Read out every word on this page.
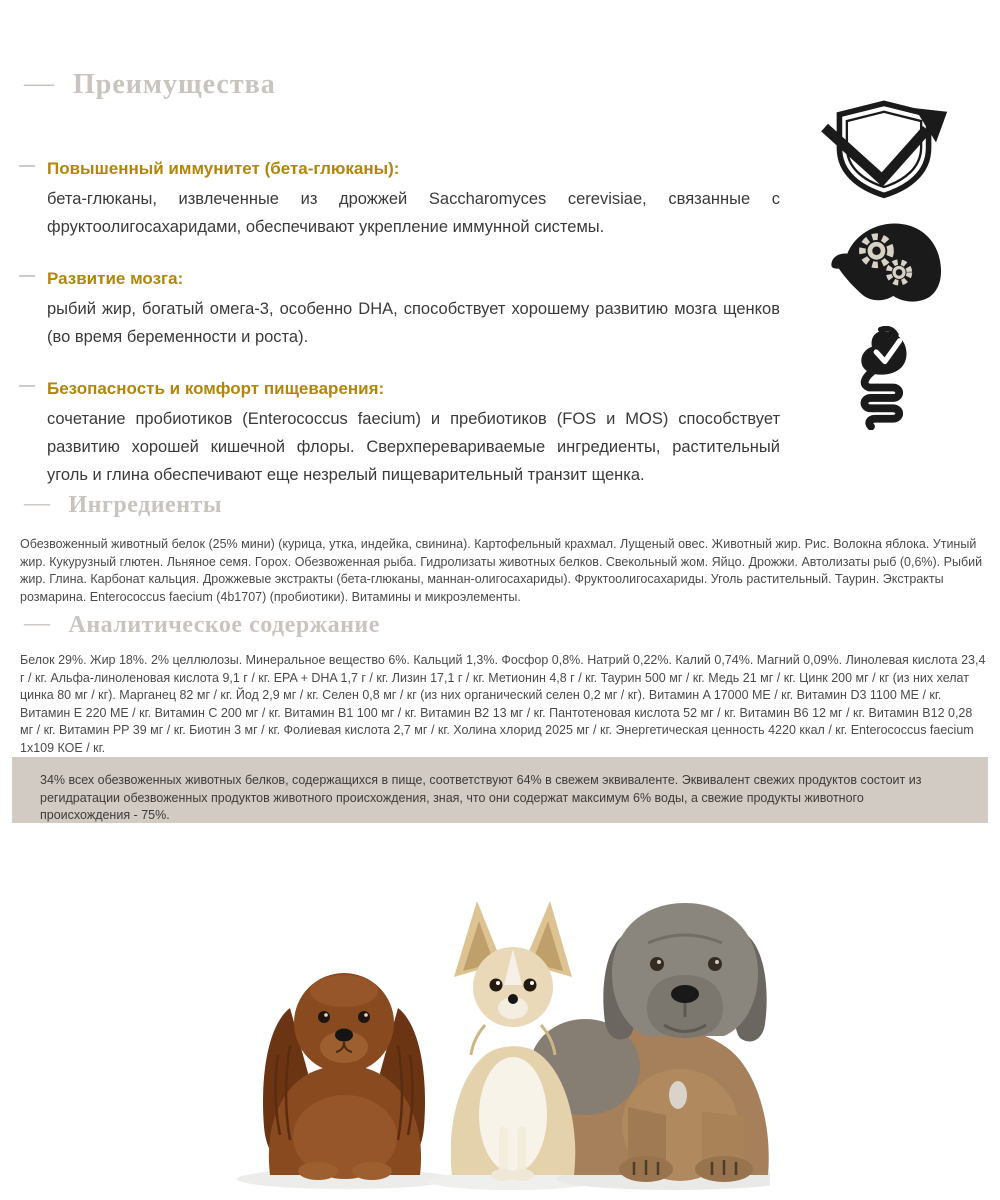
— Преимущества
— Повышенный иммунитет (бета-глюканы):
бета-глюканы, извлеченные из дрожжей Saccharomyces cerevisiae, связанные с фруктоолигосахаридами, обеспечивают укрепление иммунной системы.
— Развитие мозга:
рыбий жир, богатый омега-3, особенно DHA, способствует хорошему развитию мозга щенков (во время беременности и роста).
— Безопасность и комфорт пищеварения:
сочетание пробиотиков (Enterococcus faecium) и пребиотиков (FOS и MOS) способствует развитию хорошей кишечной флоры. Сверхперевариваемые ингредиенты, растительный уголь и глина обеспечивают еще незрелый пищеварительный транзит щенка.
— Ингредиенты
Обезвоженный животный белок (25% мини) (курица, утка, индейка, свинина). Картофельный крахмал. Лущеный овес. Животный жир. Рис. Волокна яблока. Утиный жир. Кукурузный глютен. Льняное семя. Горох. Обезвоженная рыба. Гидролизаты животных белков. Свекольный жом. Яйцо. Дрожжи. Автолизаты рыб (0,6%). Рыбий жир. Глина. Карбонат кальция. Дрожжевые экстракты (бета-глюканы, маннан-олигосахариды). Фруктоолигосахариды. Уголь растительный. Таурин. Экстракты розмарина. Enterococcus faecium (4b1707) (пробиотики). Витамины и микроэлементы.
— Аналитическое содержание
Белок 29%. Жир 18%. 2% целлюлозы. Минеральное вещество 6%. Кальций 1,3%. Фосфор 0,8%. Натрий 0,22%. Калий 0,74%. Магний 0,09%. Линолевая кислота 23,4 г / кг. Альфа-линоленовая кислота 9,1 г / кг. EPA + DHA 1,7 г / кг. Лизин 17,1 г / кг. Метионин 4,8 г / кг. Таурин 500 мг / кг. Медь 21 мг / кг. Цинк 200 мг / кг (из них хелат цинка 80 мг / кг). Марганец 82 мг / кг. Йод 2,9 мг / кг. Селен 0,8 мг / кг (из них органический селен 0,2 мг / кг). Витамин A 17000 МЕ / кг. Витамин D3 1100 МЕ / кг. Витамин E 220 МЕ / кг. Витамин C 200 мг / кг. Витамин B1 100 мг / кг. Витамин B2 13 мг / кг. Пантотеновая кислота 52 мг / кг. Витамин B6 12 мг / кг. Витамин B12 0,28 мг / кг. Витамин PP 39 мг / кг. Биотин 3 мг / кг. Фолиевая кислота 2,7 мг / кг. Холина хлорид 2025 мг / кг. Энергетическая ценность 4220 ккал / кг. Enterococcus faecium 1x109 КОЕ / кг.
34% всех обезвоженных животных белков, содержащихся в пище, соответствуют 64% в свежем эквиваленте. Эквивалент свежих продуктов состоит из регидратации обезвоженных продуктов животного происхождения, зная, что они содержат максимум 6% воды, а свежие продукты животного происхождения - 75%.
